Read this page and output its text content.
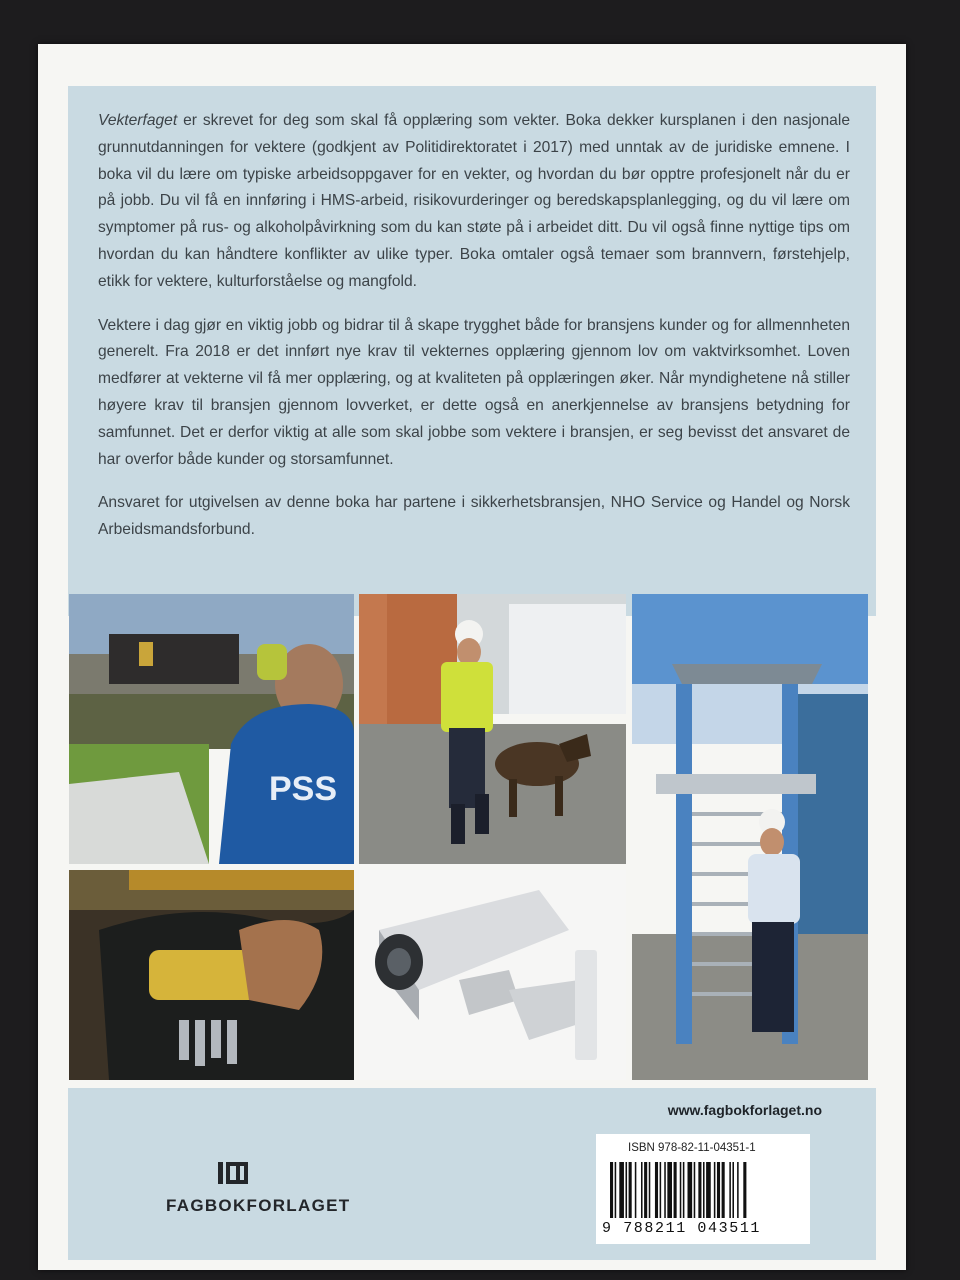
Vekterfaget er skrevet for deg som skal få opplæring som vekter. Boka dekker kursplanen i den nasjonale grunnutdanningen for vektere (godkjent av Politidirektoratet i 2017) med unntak av de juridiske emnene. I boka vil du lære om typiske arbeidsoppgaver for en vekter, og hvordan du bør opptre profesjonelt når du er på jobb. Du vil få en innføring i HMS-arbeid, risikovurderinger og beredskapsplanlegging, og du vil lære om symptomer på rus- og alkoholpåvirkning som du kan støte på i arbeidet ditt. Du vil også finne nyttige tips om hvordan du kan håndtere konflikter av ulike typer. Boka omtaler også temaer som brannvern, førstehjelp, etikk for vektere, kulturforståelse og mangfold.

Vektere i dag gjør en viktig jobb og bidrar til å skape trygghet både for bransjens kunder og for allmennheten generelt. Fra 2018 er det innført nye krav til vekternes opplæring gjennom lov om vaktvirksomhet. Loven medfører at vekterne vil få mer opplæring, og at kvaliteten på opplæringen øker. Når myndighetene nå stiller høyere krav til bransjen gjennom lovverket, er dette også en anerkjennelse av bransjens betydning for samfunnet. Det er derfor viktig at alle som skal jobbe som vektere i bransjen, er seg bevisst det ansvaret de har overfor både kunder og storsamfunnet.

Ansvaret for utgivelsen av denne boka har partene i sikkerhetsbransjen, NHO Service og Handel og Norsk Arbeidsmandsforbund.

PSS
www.fagbokforlaget.no
FAGBOKFORLAGET
ISBN 978-82-11-04351-1
9 788211 043511
